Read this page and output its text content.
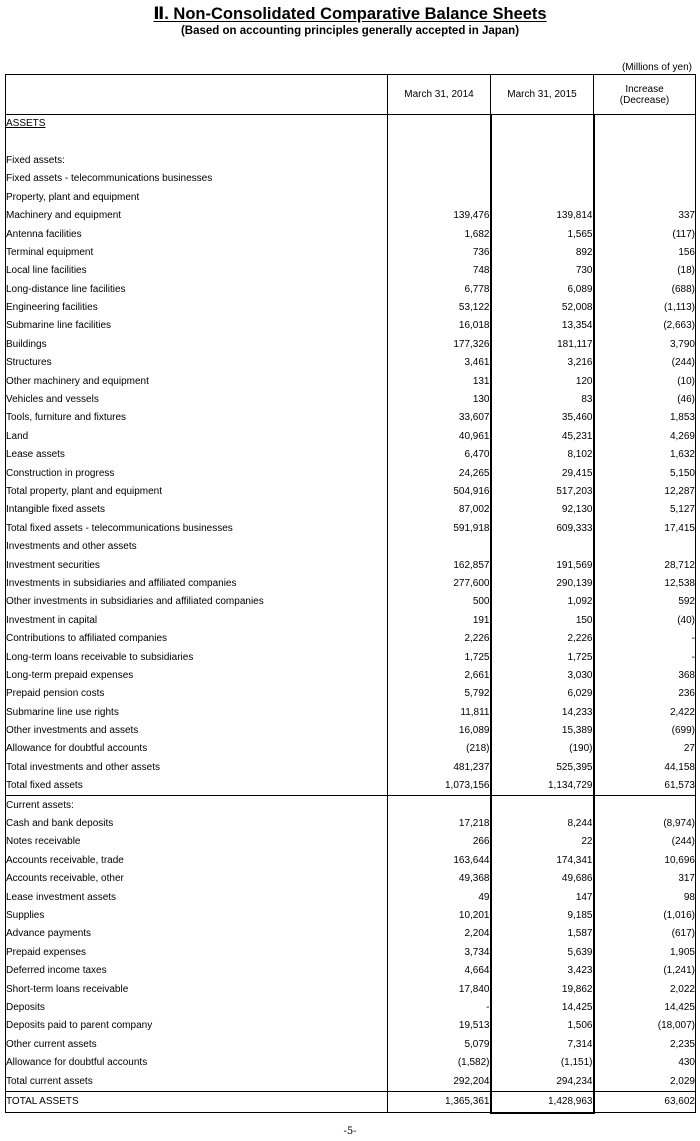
Ⅱ. Non-Consolidated Comparative Balance Sheets
(Based on accounting principles generally accepted in Japan)
(Millions of yen)
	March 31, 2014	March 31, 2015	Increase
(Decrease)
ASSETS			

Fixed assets:			
Fixed assets - telecommunications businesses			
Property, plant and equipment			
Machinery and equipment	139,476	139,814	337
Antenna facilities	1,682	1,565	(117)
Terminal equipment	736	892	156
Local line facilities	748	730	(18)
Long-distance line facilities	6,778	6,089	(688)
Engineering facilities	53,122	52,008	(1,113)
Submarine line facilities	16,018	13,354	(2,663)
Buildings	177,326	181,117	3,790
Structures	3,461	3,216	(244)
Other machinery and equipment	131	120	(10)
Vehicles and vessels	130	83	(46)
Tools, furniture and fixtures	33,607	35,460	1,853
Land	40,961	45,231	4,269
Lease assets	6,470	8,102	1,632
Construction in progress	24,265	29,415	5,150
Total property, plant and equipment	504,916	517,203	12,287
Intangible fixed assets	87,002	92,130	5,127
Total fixed assets - telecommunications businesses	591,918	609,333	17,415
Investments and other assets			
Investment securities	162,857	191,569	28,712
Investments in subsidiaries and affiliated companies	277,600	290,139	12,538
Other investments in subsidiaries and affiliated companies	500	1,092	592
Investment in capital	191	150	(40)
Contributions to affiliated companies	2,226	2,226	-
Long-term loans receivable to subsidiaries	1,725	1,725	-
Long-term prepaid expenses	2,661	3,030	368
Prepaid pension costs	5,792	6,029	236
Submarine line use rights	11,811	14,233	2,422
Other investments and assets	16,089	15,389	(699)
Allowance for doubtful accounts	(218)	(190)	27
Total investments and other assets	481,237	525,395	44,158
Total fixed assets	1,073,156	1,134,729	61,573
Current assets:			
Cash and bank deposits	17,218	8,244	(8,974)
Notes receivable	266	22	(244)
Accounts receivable, trade	163,644	174,341	10,696
Accounts receivable, other	49,368	49,686	317
Lease investment assets	49	147	98
Supplies	10,201	9,185	(1,016)
Advance payments	2,204	1,587	(617)
Prepaid expenses	3,734	5,639	1,905
Deferred income taxes	4,664	3,423	(1,241)
Short-term loans receivable	17,840	19,862	2,022
Deposits	-	14,425	14,425
Deposits paid to parent company	19,513	1,506	(18,007)
Other current assets	5,079	7,314	2,235
Allowance for doubtful accounts	(1,582)	(1,151)	430
Total current assets	292,204	294,234	2,029
TOTAL ASSETS	1,365,361	1,428,963	63,602
-5-
